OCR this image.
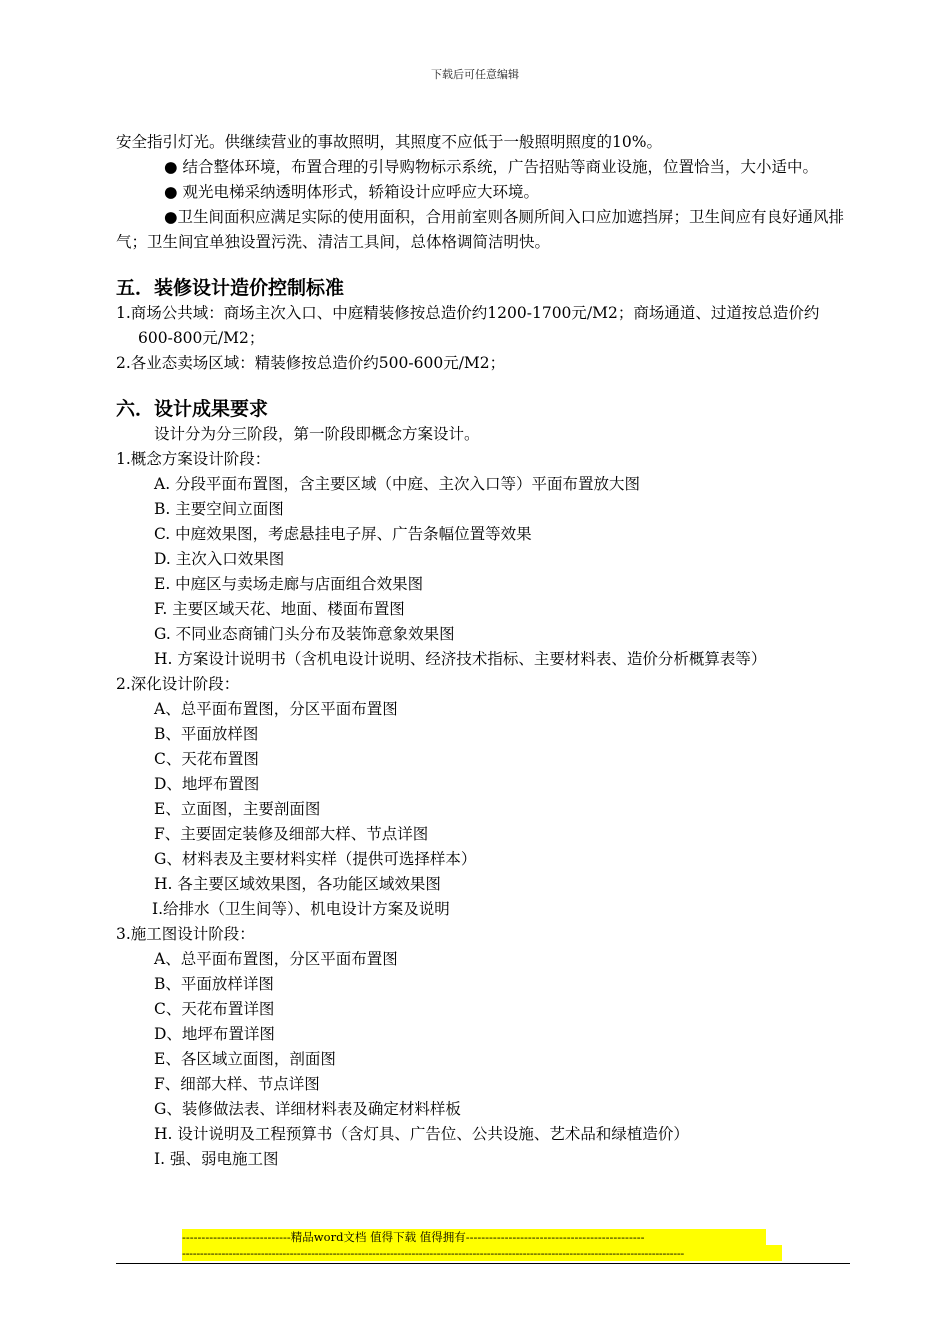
下载后可任意编辑

安全指引灯光。供继续营业的事故照明，其照度不应低于一般照明照度的10%。

● 结合整体环境，布置合理的引导购物标示系统，广告招贴等商业设施，位置恰当，大小适中。

● 观光电梯采纳透明体形式，轿箱设计应呼应大环境。

●卫生间面积应满足实际的使用面积，合用前室则各厕所间入口应加遮挡屏；卫生间应有良好通风排气；卫生间宜单独设置污洗、清洁工具间，总体格调简洁明快。

五．装修设计造价控制标准

1.商场公共域：商场主次入口、中庭精装修按总造价约1200-1700元/M2；商场通道、过道按总造价约600-800元/M2；

2.各业态卖场区域：精装修按总造价约500-600元/M2；

六．设计成果要求

设计分为分三阶段，第一阶段即概念方案设计。

1.概念方案设计阶段：

A. 分段平面布置图，含主要区域（中庭、主次入口等）平面布置放大图

B. 主要空间立面图

C. 中庭效果图，考虑悬挂电子屏、广告条幅位置等效果

D. 主次入口效果图

E. 中庭区与卖场走廊与店面组合效果图

F. 主要区域天花、地面、楼面布置图

G. 不同业态商铺门头分布及装饰意象效果图

H. 方案设计说明书（含机电设计说明、经济技术指标、主要材料表、造价分析概算表等）

2.深化设计阶段：

A、总平面布置图，分区平面布置图

B、平面放样图

C、天花布置图

D、地坪布置图

E、立面图，主要剖面图

F、主要固定装修及细部大样、节点详图

G、材料表及主要材料实样（提供可选择样本）

H. 各主要区域效果图，各功能区域效果图

I.给排水（卫生间等）、机电设计方案及说明

3.施工图设计阶段：

A、总平面布置图，分区平面布置图

B、平面放样详图

C、天花布置详图

D、地坪布置详图

E、各区域立面图，剖面图

F、细部大样、节点详图

G、装修做法表、详细材料表及确定材料样板

H. 设计说明及工程预算书（含灯具、广告位、公共设施、艺术品和绿植造价）

I. 强、弱电施工图

----------------------------精品word文档 值得下载 值得拥有----------------------------------------------
--------------------------------------------------------------------------------------------------------------------------------------------
